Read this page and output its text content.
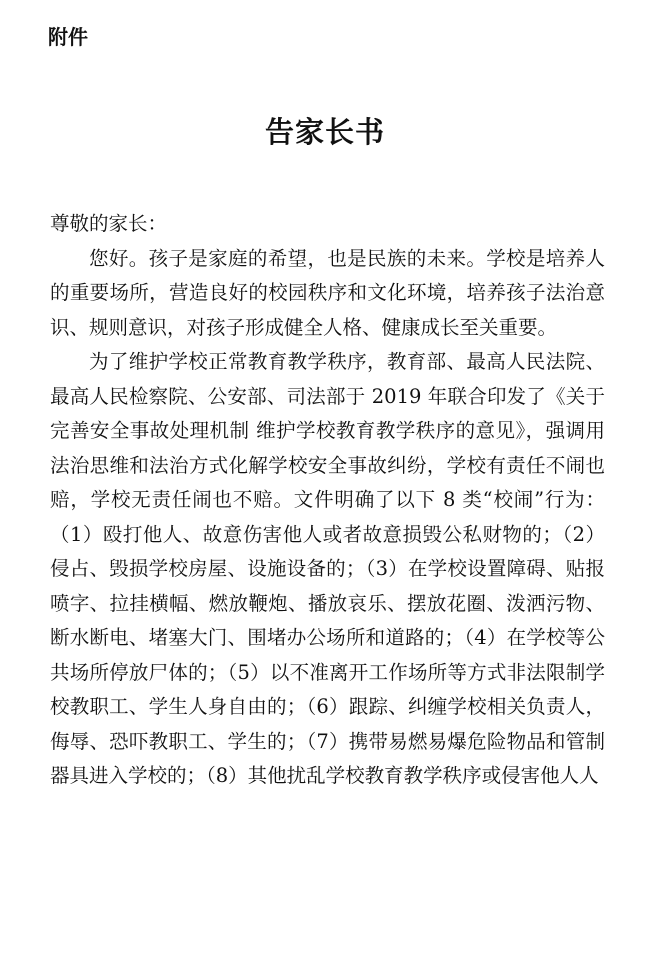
附件
告家长书

尊敬的家长：

您好。孩子是家庭的希望，也是民族的未来。学校是培养人的重要场所，营造良好的校园秩序和文化环境，培养孩子法治意识、规则意识，对孩子形成健全人格、健康成长至关重要。

为了维护学校正常教育教学秩序，教育部、最高人民法院、最高人民检察院、公安部、司法部于 2019 年联合印发了《关于完善安全事故处理机制 维护学校教育教学秩序的意见》，强调用法治思维和法治方式化解学校安全事故纠纷，学校有责任不闹也赔，学校无责任闹也不赔。文件明确了以下 8 类“校闹”行为：（1）殴打他人、故意伤害他人或者故意损毁公私财物的；（2）侵占、毁损学校房屋、设施设备的；（3）在学校设置障碍、贴报喷字、拉挂横幅、燃放鞭炮、播放哀乐、摆放花圈、泼洒污物、断水断电、堵塞大门、围堵办公场所和道路的；（4）在学校等公共场所停放尸体的；（5）以不准离开工作场所等方式非法限制学校教职工、学生人身自由的；（6）跟踪、纠缠学校相关负责人，侮辱、恐吓教职工、学生的；（7）携带易燃易爆危险物品和管制器具进入学校的；（8）其他扰乱学校教育教学秩序或侵害他人人
